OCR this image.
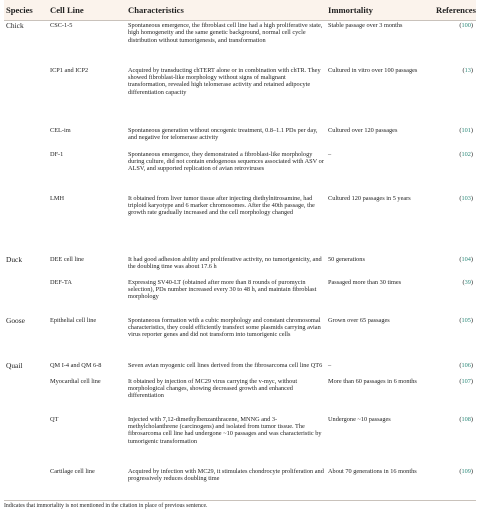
Species	Cell Line	Characteristics	Immortality	References
Chick	CSC-1-5	Spontaneous emergence, the fibroblast cell line had a high proliferative state, high homogeneity and the same genetic background, normal cell cycle distribution without tumorigenesis, and transformation	Stable passage over 3 months	(100)
	ICP1 and ICP2	Acquired by transducting chTERT alone or in combination with chTR. They showed fibroblast-like morphology without signs of malignant transformation, revealed high telomerase activity and retained adipocyte differentiation capacity	Cultured in vitro over 100 passages	(13)
	CEL-im	Spontaneous generation without oncogenic treatment, 0.8–1.1 PDs per day, and negative for telomerase activity	Cultured over 120 passages	(101)
	DF-1	Spontaneous emergence, they demonstrated a fibroblast-like morphology during culture, did not contain endogenous sequences associated with ASV or ALSV, and supported replication of avian retroviruses	–	(102)
	LMH	It obtained from liver tumor tissue after injecting diethylnitrosamine, had triploid karyotype and 6 marker chromosomes. After the 40th passage, the growth rate gradually increased and the cell morphology changed	Cultured 120 passages in 5 years	(103)
Duck	DEE cell line	It had good adhesion ability and proliferative activity, no tumorigenicity, and the doubling time was about 17.6 h	50 generations	(104)
	DEF-TA	Expressing SV40-LT (obtained after more than 8 rounds of puromycin selection), PDs number increased every 30 to 48 h, and maintain fibroblast morphology	Passaged more than 30 times	(39)
Goose	Epithelial cell line	Spontaneous formation with a cubic morphology and constant chromosomal characteristics, they could efficiently transfect some plasmids carrying avian virus reporter genes and did not transform into tumorigenic cells	Grown over 65 passages	(105)
Quail	QM I-4 and QM 6-8	Seven avian myogenic cell lines derived from the fibrosarcoma cell line QT6	–	(106)
	Myocardial cell line	It obtained by injection of MC29 virus carrying the v-myc, without morphological changes, showing decreased growth and enhanced differentiation	More than 60 passages in 6 months	(107)
	QT	Injected with 7,12-dimethylbenzanthracene, MNNG and 3-methylcholanthrene (carcinogens) and isolated from tumor tissue. The fibrosarcoma cell line had undergone ~10 passages and was characteristic by tumorigenic transformation	Undergone ~10 passages	(108)
	Cartilage cell line	Acquired by infection with MC29, it stimulates chondrocyte proliferation and progressively reduces doubling time	About 70 generations in 16 months	(109)
Indicates that immortality is not mentioned in the citation in place of previous sentence.
